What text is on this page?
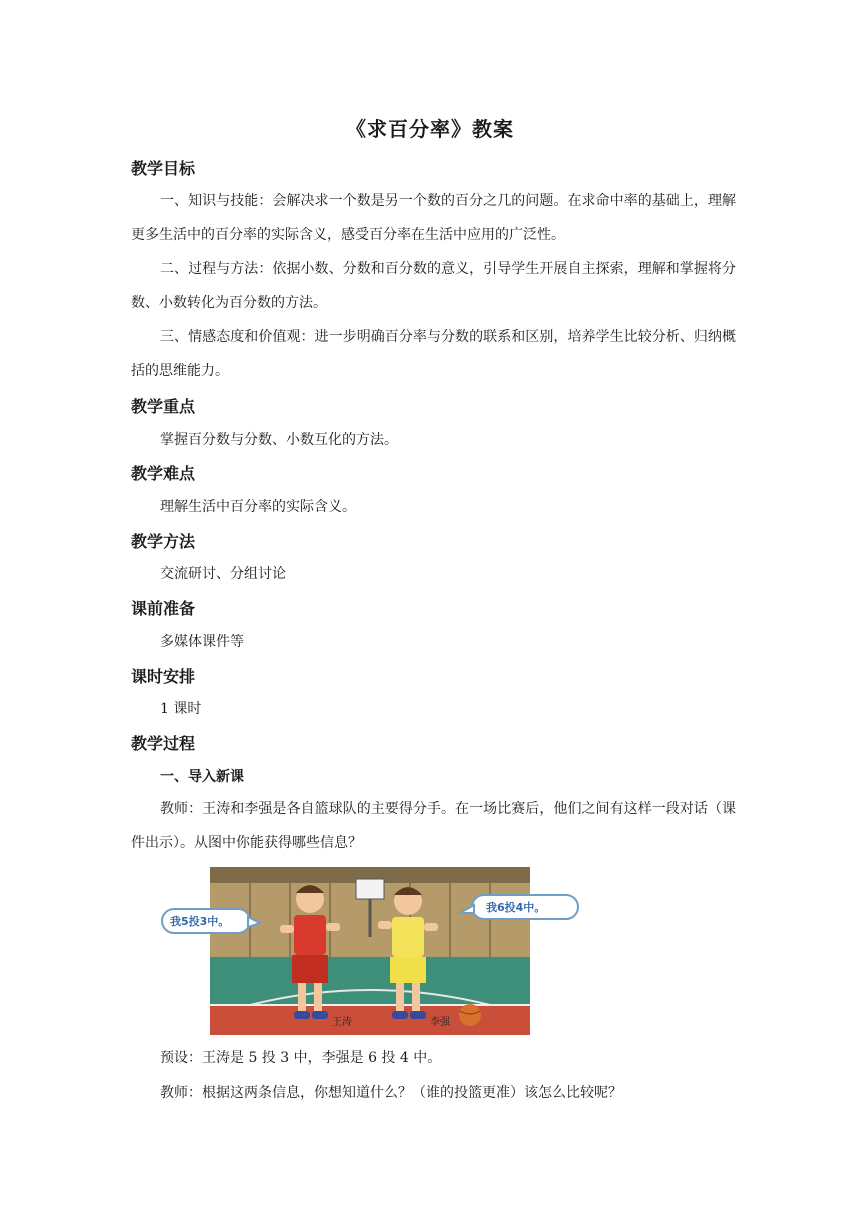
《求百分率》教案
教学目标
一、知识与技能：会解决求一个数是另一个数的百分之几的问题。在求命中率的基础上，理解更多生活中的百分率的实际含义，感受百分率在生活中应用的广泛性。
二、过程与方法：依据小数、分数和百分数的意义，引导学生开展自主探索，理解和掌握将分数、小数转化为百分数的方法。
三、情感态度和价值观：进一步明确百分率与分数的联系和区别，培养学生比较分析、归纳概括的思维能力。
教学重点
掌握百分数与分数、小数互化的方法。
教学难点
理解生活中百分率的实际含义。
教学方法
交流研讨、分组讨论
课前准备
多媒体课件等
课时安排
1 课时
教学过程
一、导入新课
教师：王涛和李强是各自篮球队的主要得分手。在一场比赛后，他们之间有这样一段对话（课件出示）。从图中你能获得哪些信息？
我5投3中。
我6投4中。
王涛	李强
预设：王涛是 5 投 3 中，李强是 6 投 4 中。
教师：根据这两条信息，你想知道什么？（谁的投篮更准）该怎么比较呢？
